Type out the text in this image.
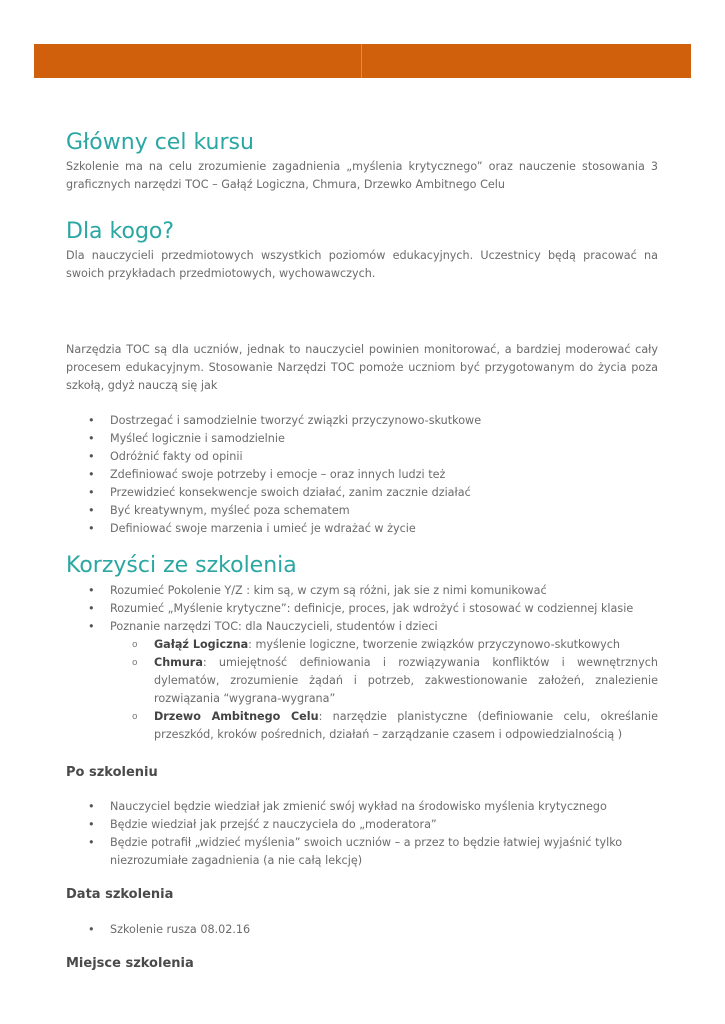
Główny cel kursu

Szkolenie ma na celu zrozumienie zagadnienia „myślenia krytycznego” oraz nauczenie stosowania 3 graficznych narzędzi TOC – Gałąź Logiczna, Chmura, Drzewko Ambitnego Celu

Dla kogo?

Dla nauczycieli przedmiotowych wszystkich poziomów edukacyjnych. Uczestnicy będą pracować na swoich przykładach przedmiotowych, wychowawczych.

Narzędzia TOC są dla uczniów, jednak to nauczyciel powinien monitorować, a bardziej moderować cały procesem edukacyjnym. Stosowanie Narzędzi TOC pomoże uczniom być przygotowanym do życia poza szkołą, gdyż nauczą się jak

• Dostrzegać i samodzielnie tworzyć związki przyczynowo-skutkowe
• Myśleć logicznie i samodzielnie
• Odróżnić fakty od opinii
• Zdefiniować swoje potrzeby i emocje – oraz innych ludzi też
• Przewidzieć konsekwencje swoich działać, zanim zacznie działać
• Być kreatywnym, myśleć poza schematem
• Definiować swoje marzenia i umieć je wdrażać w życie
Korzyści ze szkolenia
• Rozumieć Pokolenie Y/Z : kim są, w czym są różni, jak sie z nimi komunikować
• Rozumieć „Myślenie krytyczne”: definicje, proces, jak wdrożyć i stosować w codziennej klasie
• Poznanie narzędzi TOC: dla Nauczycieli, studentów i dzieci
o Gałąź Logiczna: myślenie logiczne, tworzenie związków przyczynowo-skutkowych
o Chmura: umiejętność definiowania i rozwiązywania konfliktów i wewnętrznych dylematów, zrozumienie żądań i potrzeb, zakwestionowanie założeń, znalezienie rozwiązania “wygrana-wygrana”
o Drzewo Ambitnego Celu: narzędzie planistyczne (definiowanie celu, określanie przeszkód, kroków pośrednich, działań – zarządzanie czasem i odpowiedzialnością )
Po szkoleniu
• Nauczyciel będzie wiedział jak zmienić swój wykład na środowisko myślenia krytycznego
• Będzie wiedział jak przejść z nauczyciela do „moderatora”
• Będzie potrafił „widzieć myślenia” swoich uczniów – a przez to będzie łatwiej wyjaśnić tylko niezrozumiałe zagadnienia (a nie całą lekcję)
Data szkolenia
• Szkolenie rusza 08.02.16
Miejsce szkolenia
